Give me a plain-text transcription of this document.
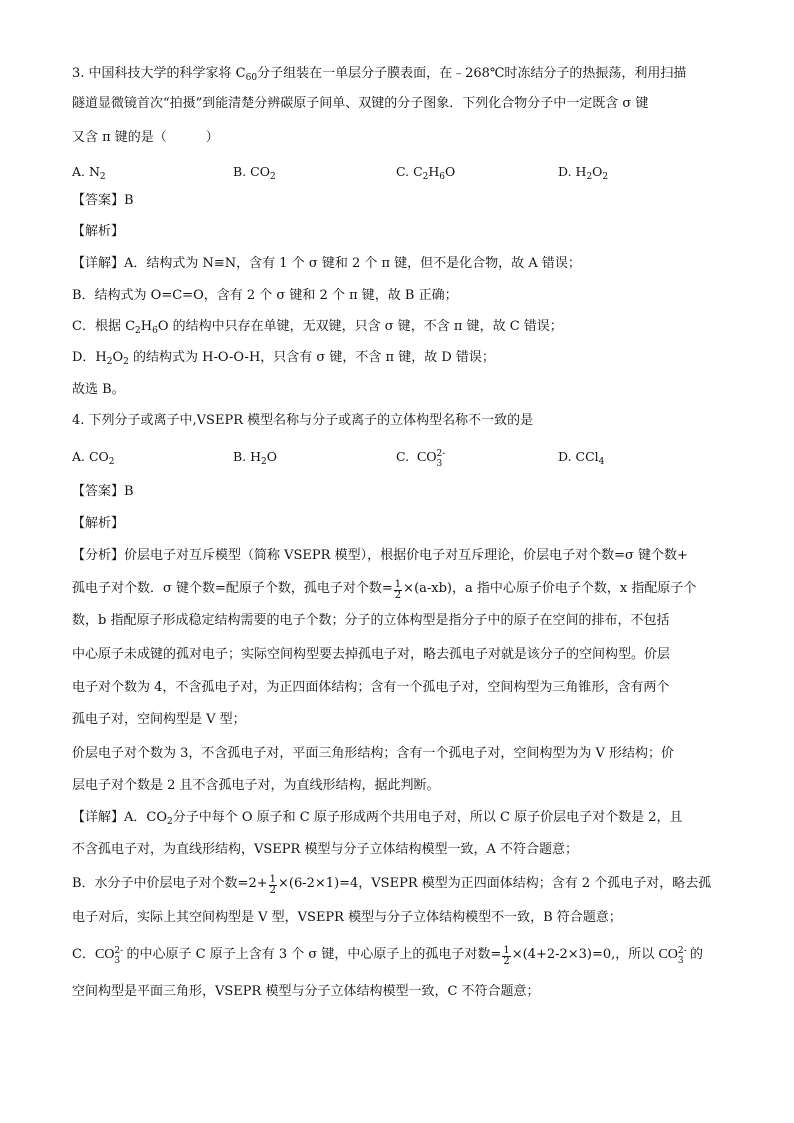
3. 中国科技大学的科学家将 $C_{60}$分子组装在一单层分子膜表面，在﹣268℃时冻结分子的热振荡，利用扫描
隧道显微镜首次“拍摄”到能清楚分辨碳原子间单、双键的分子图象．下列化合物分子中一定既含 σ 键
又含 π 键的是（　　　）
A. $N_2$	B. $CO_2$	C. $C_2H_6O$	D. $H_2O_2$
【答案】B
【解析】
【详解】A．结构式为 N≡N，含有 1 个 σ 键和 2 个 π 键，但不是化合物，故 A 错误；
B．结构式为 O=C=O，含有 2 个 σ 键和 2 个 π 键，故 B 正确；
C．根据 $C_2H_6O$ 的结构中只存在单键，无双键，只含 σ 键，不含 π 键，故 C 错误；
D．$H_2O_2$ 的结构式为 H-O-O-H，只含有 σ 键，不含 π 键，故 D 错误；
故选 B。
4. 下列分子或离子中,VSEPR 模型名称与分子或离子的立体构型名称不一致的是
A. $CO_2$	B. $H_2O$	C. CO 2-
3	D. CCl$_4$
【答案】B
【解析】
【分析】价层电子对互斥模型（简称 VSEPR 模型），根据价电子对互斥理论，价层电子对个数=σ 键个数+
孤电子对个数．σ 键个数=配原子个数，孤电子对个数= $\frac{1}{2} \times(a-xb)$，a 指中心原子价电子个数，x 指配原子个
数，b 指配原子形成稳定结构需要的电子个数；分子的立体构型是指分子中的原子在空间的排布，不包括
中心原子未成键的孤对电子；实际空间构型要去掉孤电子对，略去孤电子对就是该分子的空间构型。价层
电子对个数为 4，不含孤电子对，为正四面体结构；含有一个孤电子对，空间构型为三角锥形，含有两个
孤电子对，空间构型是 V 型；
价层电子对个数为 3，不含孤电子对，平面三角形结构；含有一个孤电子对，空间构型为为 V 形结构；价
层电子对个数是 2 且不含孤电子对，为直线形结构，据此判断。
【详解】A．$CO_2$分子中每个 O 原子和 C 原子形成两个共用电子对，所以 C 原子价层电子对个数是 2，且
不含孤电子对，为直线形结构，VSEPR 模型与分子立体结构模型一致，A 不符合题意；
B．水分子中价层电子对个数$=2+ \frac{1}{2} \times(6-2\times 1)=4$，VSEPR 模型为正四面体结构；含有 2 个孤电子对，略去孤
电子对后，实际上其空间构型是 V 型，VSEPR 模型与分子立体结构模型不一致，B 符合题意；
C．CO 2-
3 的中心原子 C 原子上含有 3 个 σ 键，中心原子上的孤电子对数= $\frac{1}{2} \times(4+2-2\times 3)=0$,，所以 CO 2-
3 的
空间构型是平面三角形，VSEPR 模型与分子立体结构模型一致，C 不符合题意；
